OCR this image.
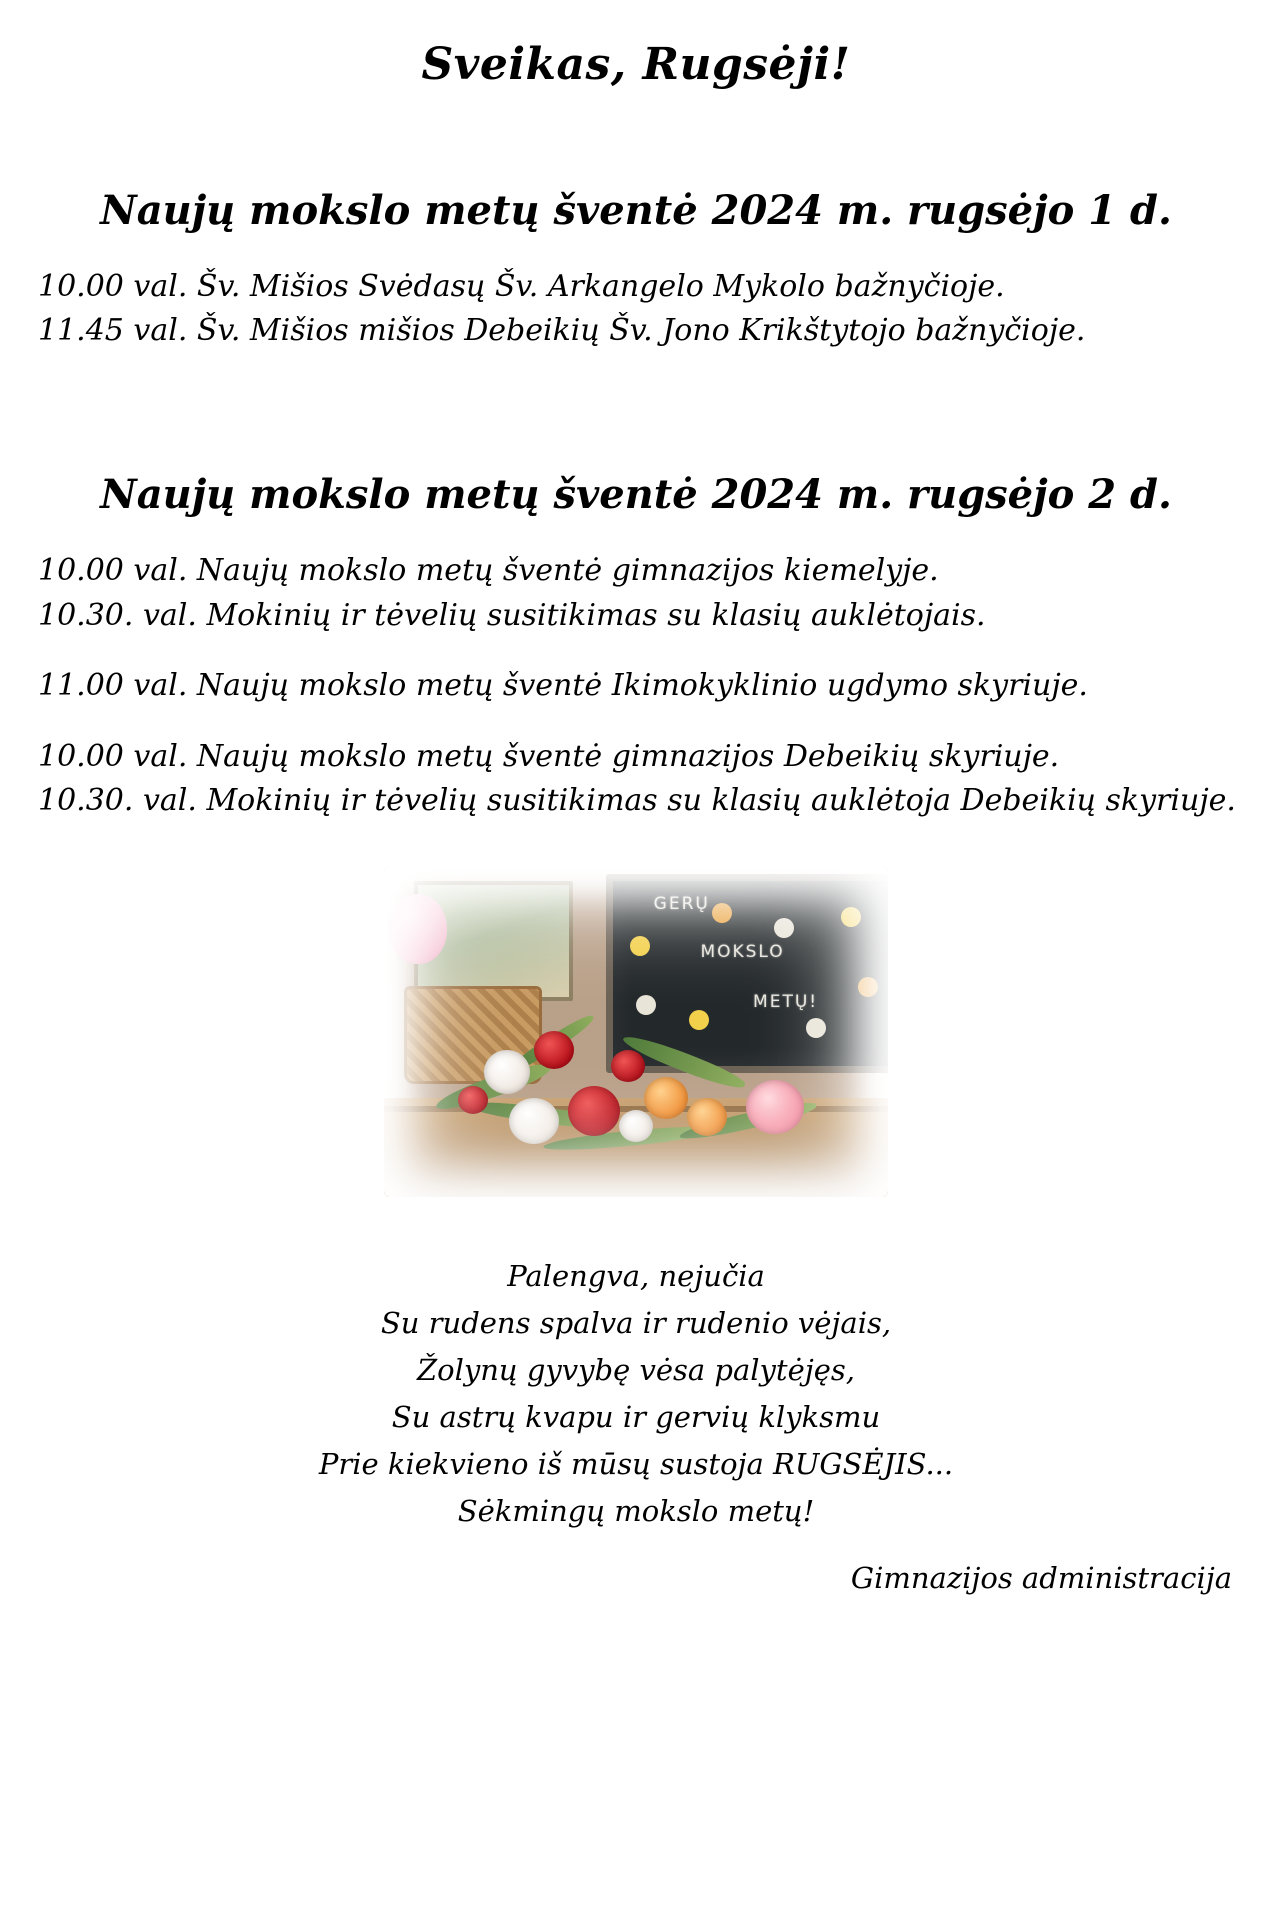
Sveikas, Rugsėji!
Naujų mokslo metų šventė 2024 m. rugsėjo 1 d.
10.00 val. Šv. Mišios Svėdasų Šv. Arkangelo Mykolo bažnyčioje.
11.45 val. Šv. Mišios mišios Debeikių Šv. Jono Krikštytojo bažnyčioje.
Naujų mokslo metų šventė 2024 m. rugsėjo 2 d.
10.00 val. Naujų mokslo metų šventė gimnazijos kiemelyje.
10.30. val. Mokinių ir tėvelių susitikimas su klasių auklėtojais.
11.00 val. Naujų mokslo metų šventė Ikimokyklinio ugdymo skyriuje.
10.00 val. Naujų mokslo metų šventė gimnazijos Debeikių skyriuje.
10.30. val. Mokinių ir tėvelių susitikimas su klasių auklėtoja Debeikių skyriuje.
GERŲ
MOKSLO
METŲ!
Palengva, nejučia
Su rudens spalva ir rudenio vėjais,
Žolynų gyvybę vėsa palytėjęs,
Su astrų kvapu ir gervių klyksmu
Prie kiekvieno iš mūsų sustoja RUGSĖJIS...
Sėkmingų mokslo metų!
Gimnazijos administracija
